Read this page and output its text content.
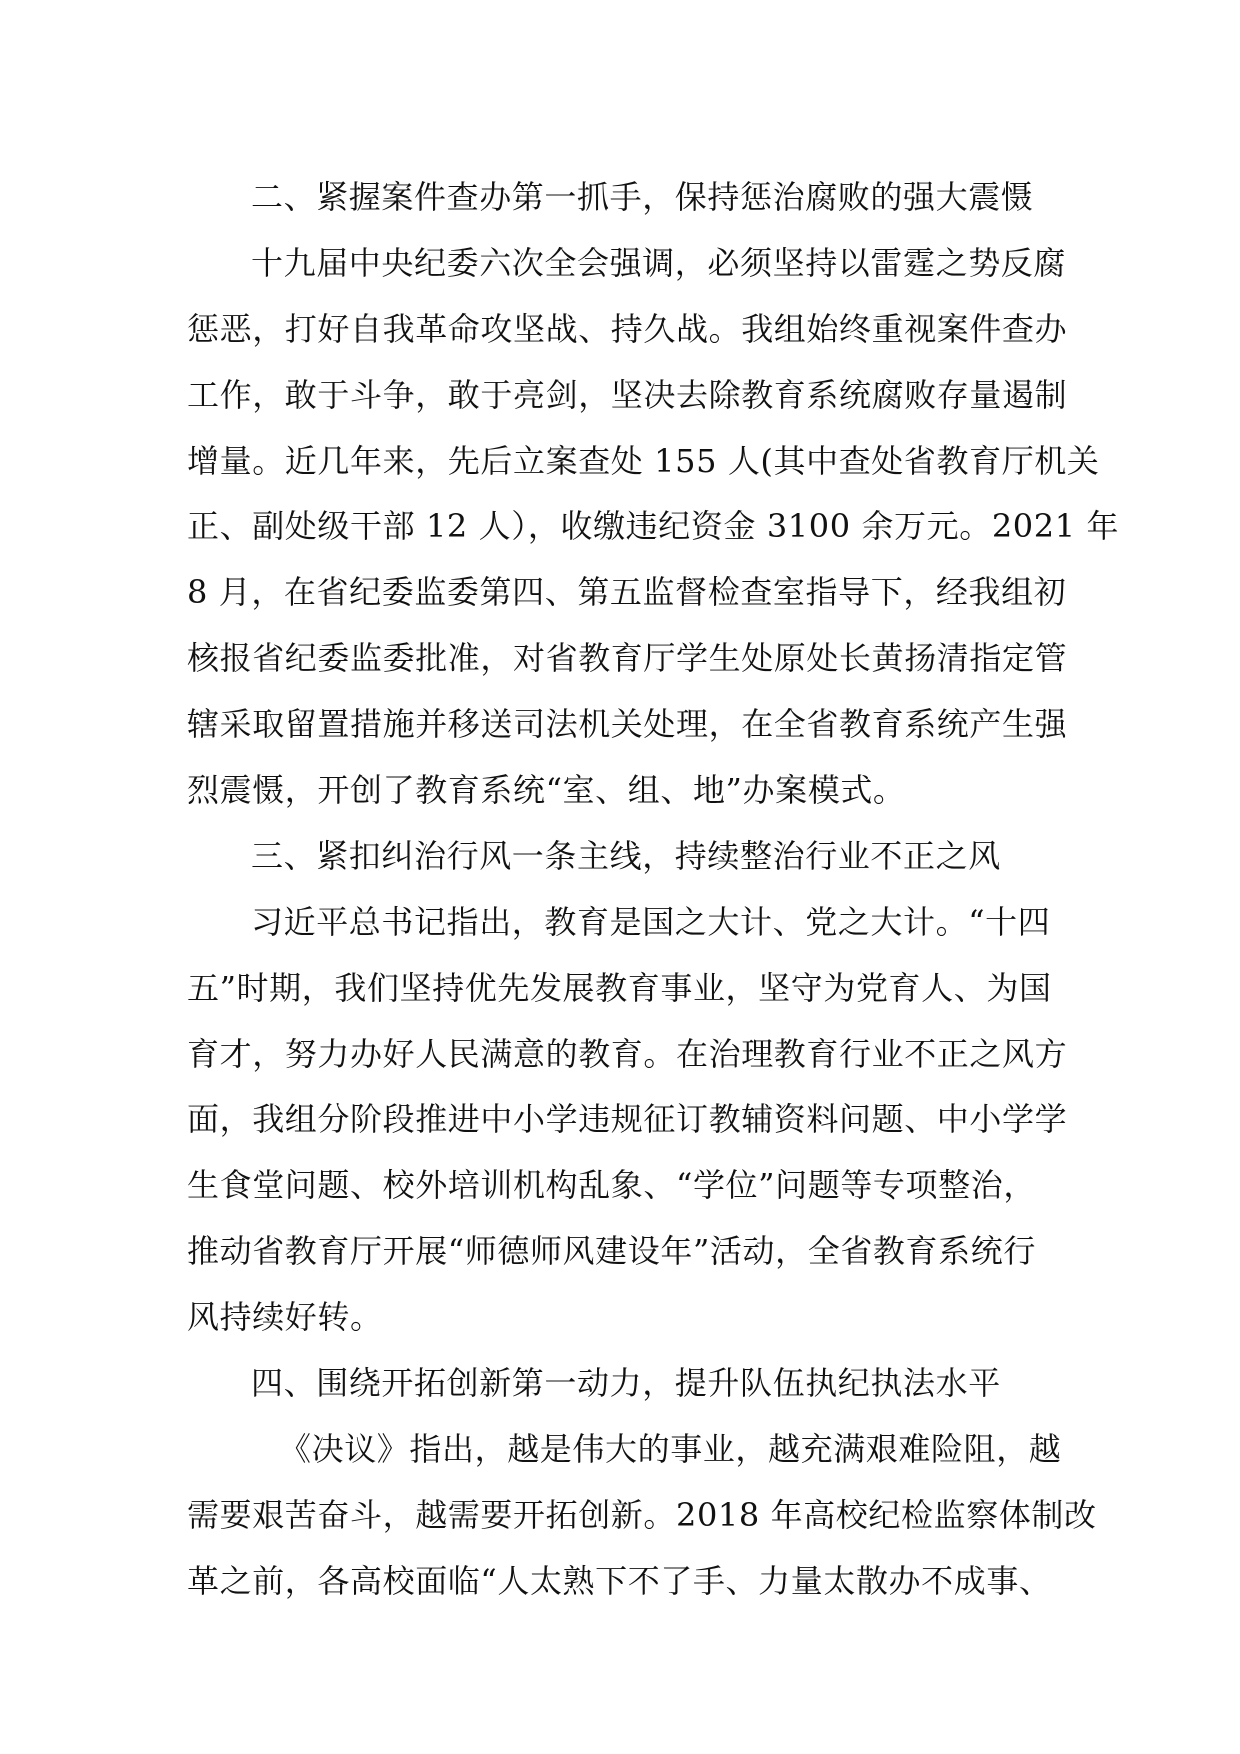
二、紧握案件查办第一抓手，保持惩治腐败的强大震慑
十九届中央纪委六次全会强调，必须坚持以雷霆之势反腐
惩恶，打好自我革命攻坚战、持久战。我组始终重视案件查办
工作，敢于斗争，敢于亮剑，坚决去除教育系统腐败存量遏制
增量。近几年来，先后立案查处 155 人(其中查处省教育厅机关
正、副处级干部 12 人），收缴违纪资金 3100 余万元。2021 年
8 月，在省纪委监委第四、第五监督检查室指导下，经我组初
核报省纪委监委批准，对省教育厅学生处原处长黄扬清指定管
辖采取留置措施并移送司法机关处理，在全省教育系统产生强
烈震慑，开创了教育系统“室、组、地”办案模式。
三、紧扣纠治行风一条主线，持续整治行业不正之风
习近平总书记指出，教育是国之大计、党之大计。“十四
五”时期，我们坚持优先发展教育事业，坚守为党育人、为国
育才，努力办好人民满意的教育。在治理教育行业不正之风方
面，我组分阶段推进中小学违规征订教辅资料问题、中小学学
生食堂问题、校外培训机构乱象、“学位”问题等专项整治，
推动省教育厅开展“师德师风建设年”活动，全省教育系统行
风持续好转。
四、围绕开拓创新第一动力，提升队伍执纪执法水平
《决议》指出，越是伟大的事业，越充满艰难险阻，越
需要艰苦奋斗，越需要开拓创新。2018 年高校纪检监察体制改
革之前，各高校面临“人太熟下不了手、力量太散办不成事、
